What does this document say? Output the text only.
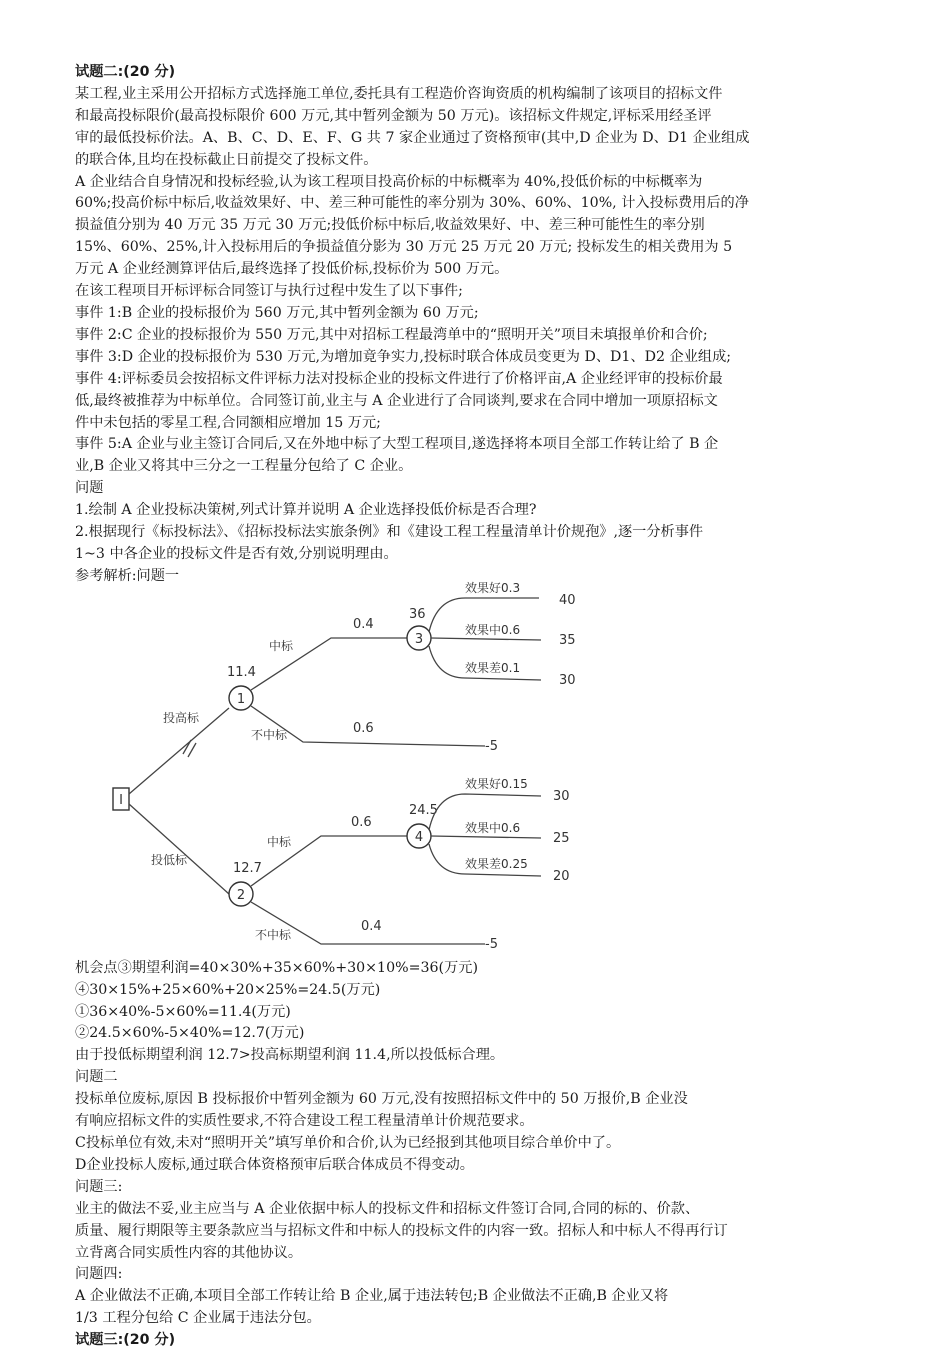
试题二:(20 分)
某工程,业主采用公开招标方式选择施工单位,委托具有工程造价咨询资质的机构编制了该项目的招标文件
和最高投标限价(最高投标限价 600 万元,其中暂列金额为 50 万元)。该招标文件规定,评标采用经圣评
审的最低投标价法。A、B、C、D、E、F、G 共 7 家企业通过了资格预审(其中,D 企业为 D、D1 企业组成
的联合体,且均在投标截止日前提交了投标文件。
A 企业结合自身情况和投标经验,认为该工程项目投高价标的中标概率为 40%,投低价标的中标概率为
60%;投高价标中标后,收益效果好、中、差三种可能性的率分别为 30%、60%、10%, 计入投标费用后的净
损益值分别为 40 万元 35 万元 30 万元;投低价标中标后,收益效果好、中、差三种可能性生的率分别
15%、60%、25%,计入投标用后的争损益值分影为 30 万元 25 万元 20 万元; 投标发生的相关费用为 5
万元 A 企业经测算评估后,最终选择了投低价标,投标价为 500 万元。
在该工程项目开标评标合同签订与执行过程中发生了以下事件;
事件 1:B 企业的投标报价为 560 万元,其中暂列金额为 60 万元;
事件 2:C 企业的投标报价为 550 万元,其中对招标工程最湾单中的“照明开关”项目未填报单价和合价;
事件 3:D 企业的投标报价为 530 万元,为增加竟争实力,投标时联合体成员变更为 D、D1、D2 企业组成;
事件 4:评标委员会按招标文件评标力法对投标企业的投标文件进行了价格评亩,A 企业经评审的投标价最
低,最终被推荐为中标单位。合同签订前,业主与 A 企业进行了合同谈判,要求在合同中增加一项原招标文
件中未包括的零星工程,合同额相应增加 15 万元;
事件 5:A 企业与业主签订合同后,又在外地中标了大型工程项目,遂选择将本项目全部工作转让给了 B 企
业,B 企业又将其中三分之一工程量分包给了 C 企业。
问题
1.绘制 A 企业投标决策树,列式计算并说明 A 企业选择投低价标是否合理?
2.根据现行《标投标法》、《招标投标法实旅条例》和《建设工程工程量清单计价规孢》,逐一分析事件
1~3 中各企业的投标文件是否有效,分别说明理由。
参考解析:问题一
I
投高标
投低标
1
11.4
中标
0.4
不中标	0.6
-5
3
36
效果好0.3
效果中0.6
效果差0.1
40
35
30
2
12.7
中标
0.6
不中标
0.4
-5
4
24.5
效果好0.15
效果中0.6
效果差0.25
30
25
20
机会点③期望利润=40×30%+35×60%+30×10%=36(万元)
④30×15%+25×60%+20×25%=24.5(万元)
①36×40%-5×60%=11.4(万元)
②24.5×60%-5×40%=12.7(万元)
由于投低标期望利润 12.7>投高标期望利润 11.4,所以投低标合理。
问题二
投标单位废标,原因 B 投标报价中暂列金额为 60 万元,没有按照招标文件中的 50 万报价,B 企业没
有响应招标文件的实质性要求,不符合建设工程工程量清单计价规范要求。
C投标单位有效,未对“照明开关”填写单价和合价,认为已经报到其他项目综合单价中了。
D企业投标人废标,通过联合体资格预审后联合体成员不得变动。
问题三:
业主的做法不妥,业主应当与 A 企业依据中标人的投标文件和招标文件签订合同,合同的标的、价款、
质量、履行期限等主要条款应当与招标文件和中标人的投标文件的内容一致。招标人和中标人不得再行订
立背离合同实质性内容的其他协议。
问题四:
A 企业做法不正确,本项目全部工作转让给 B 企业,属于违法转包;B 企业做法不正确,B 企业又将
1/3 工程分包给 C 企业属于违法分包。
试题三:(20 分)
